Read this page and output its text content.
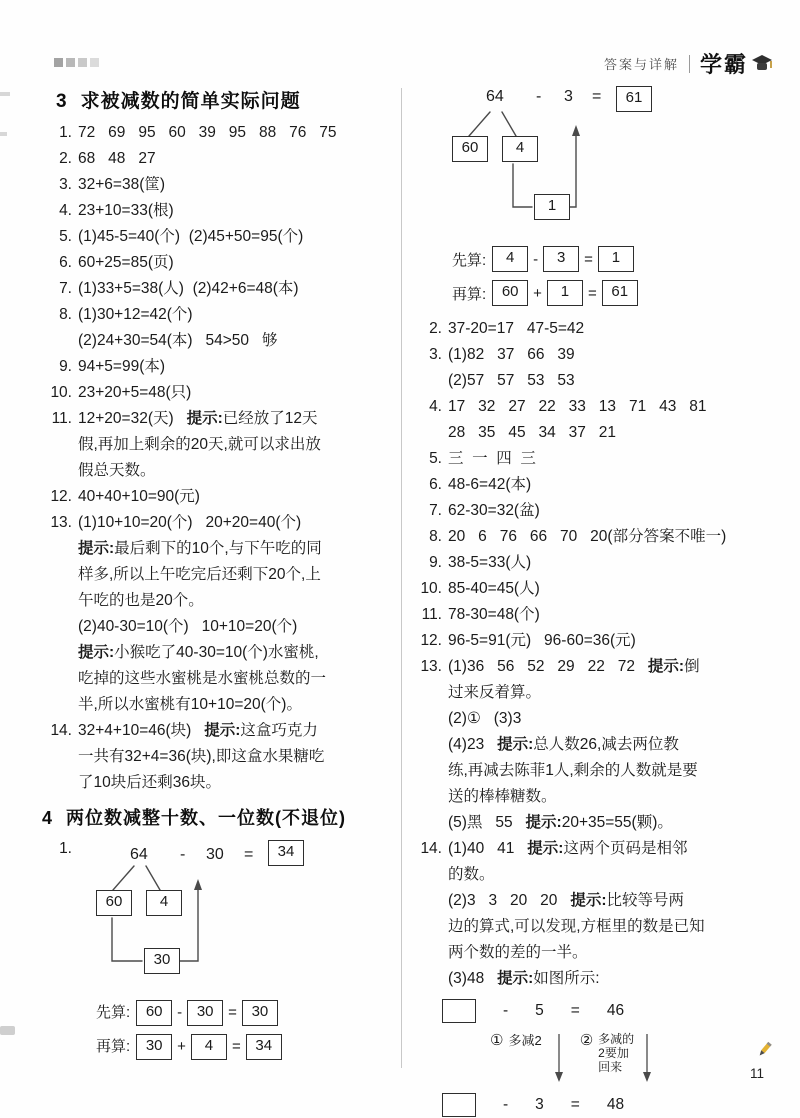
答案与详解 学霸
3 求被减数的简单实际问题
1. 72   69   95   60   39   95   88   76   75
2. 68   48   27
3. 32+6=38(筐)
4. 23+10=33(根)
5. (1)45-5=40(个)  (2)45+50=95(个)
6. 60+25=85(页)
7. (1)33+5=38(人)  (2)42+6=48(本)
8. (1)30+12=42(个)
(2)24+30=54(本)   54>50   够
9. 94+5=99(本)
10. 23+20+5=48(只)
11. 12+20=32(天)   提示:已经放了12天
假,再加上剩余的20天,就可以求出放
假总天数。
12. 40+40+10=90(元)
13. (1)10+10=20(个)   20+20=40(个)
提示:最后剩下的10个,与下午吃的同
样多,所以上午吃完后还剩下20个,上
午吃的也是20个。
(2)40-30=10(个)   10+10=20(个)
提示:小猴吃了40-30=10(个)水蜜桃,
吃掉的这些水蜜桃是水蜜桃总数的一
半,所以水蜜桃有10+10=20(个)。
14. 32+4+10=46(块)   提示:这盒巧克力
一共有32+4=36(块),即这盒水果糖吃
了10块后还剩36块。
4 两位数减整十数、一位数(不退位)
1.	64 - 30 =	34
60	4
30
先算:	60 - 30 = 30
再算:	30 +	4	= 34
64 - 3 =	61
60	4
1
先算:	4	-	3	=	1
再算:	60 +	1	= 61
2. 37-20=17   47-5=42
3. (1)82   37   66   39
(2)57   57   53   53
4. 17   32   27   22   33   13   71   43   81
28   35   45   34   37   21
5. 三  一  四  三
6. 48-6=42(本)
7. 62-30=32(盆)
8. 20   6   76   66   70   20(部分答案不唯一)
9. 38-5=33(人)
10. 85-40=45(人)
11. 78-30=48(个)
12. 96-5=91(元)   96-60=36(元)
13. (1)36   56   52   29   22   72   提示:倒
过来反着算。
(2)①   (3)3
(4)23   提示:总人数26,减去两位教
练,再减去陈菲1人,剩余的人数就是要
送的棒棒糖数。
(5)黑   55   提示:20+35=55(颗)。
14. (1)40   41   提示:这两个页码是相邻
的数。
(2)3   3   20   20   提示:比较等号两
边的算式,可以发现,方框里的数是已知
两个数的差的一半。
(3)48   提示:如图所示:
- 5 = 46
① 多减2	② 多减的
2要加
回来
- 3 = 48
11
